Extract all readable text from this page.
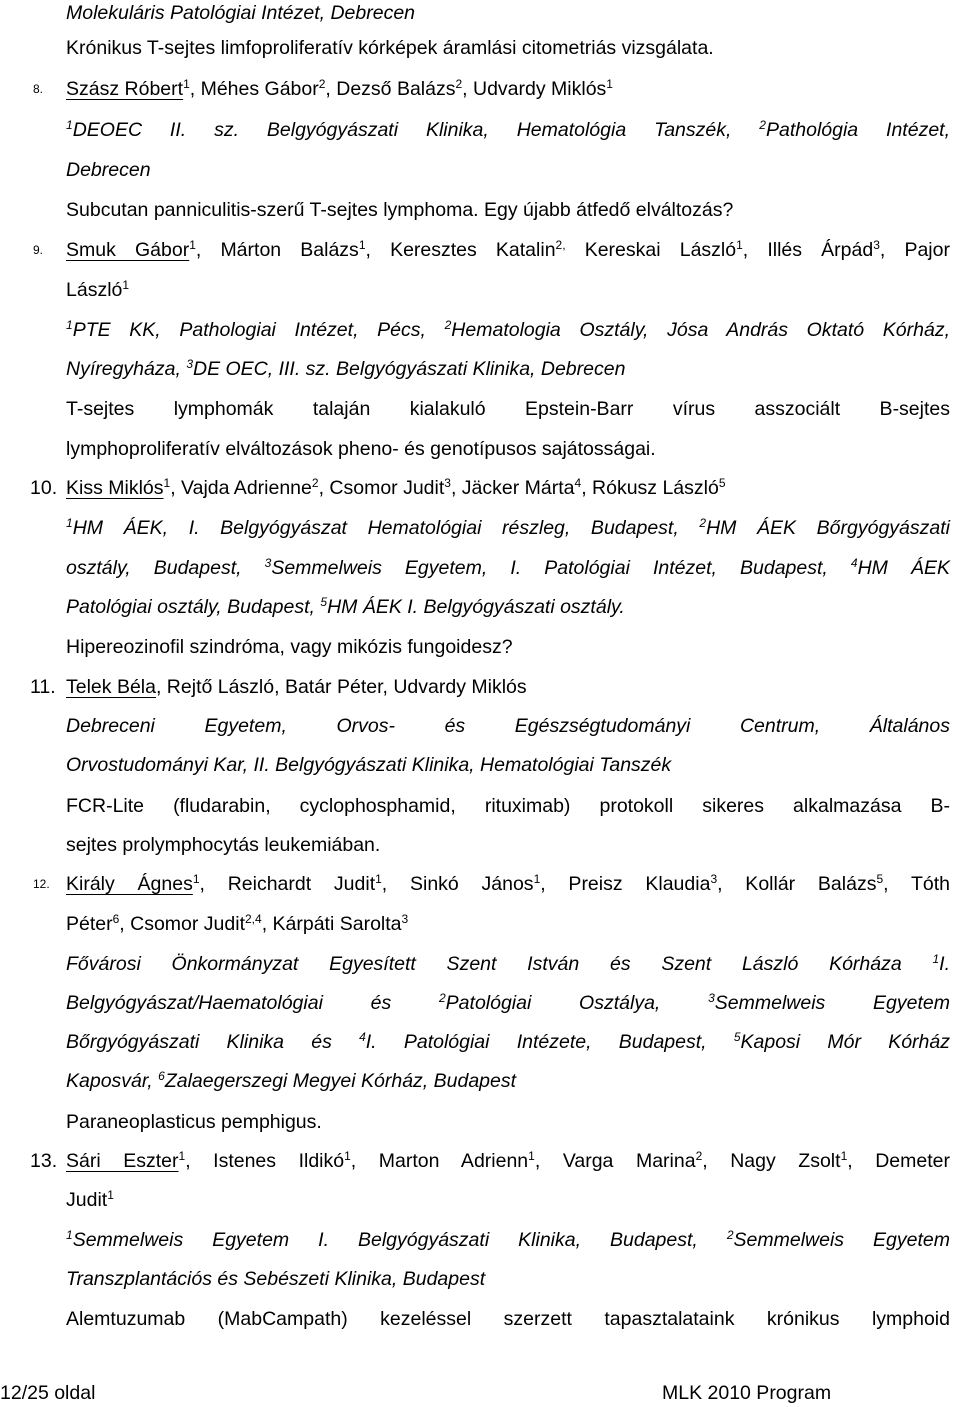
Molekuláris Patológiai Intézet, Debrecen
Krónikus T-sejtes limfoproliferatív kórképek áramlási citometriás vizsgálata.
8. Szász Róbert$^1$, Méhes Gábor$^2$, Dezső Balázs$^2$, Udvardy Miklós$^1$
$^1$DEOEC II. sz. Belgyógyászati Klinika, Hematológia Tanszék, $^2$Pathológia Intézet,
Debrecen
Subcutan panniculitis-szerű T-sejtes lymphoma. Egy újabb átfedő elváltozás?
9. Smuk Gábor$^1$, Márton Balázs$^1$, Keresztes Katalin$^{2,}$ Kereskai László$^1$, Illés Árpád$^3$, Pajor
László$^1$
$^1$PTE KK, Pathologiai Intézet, Pécs, $^2$Hematologia Osztály, Jósa András Oktató Kórház,
Nyíregyháza, $^3$DE OEC, III. sz. Belgyógyászati Klinika, Debrecen
T-sejtes lymphomák talaján kialakuló Epstein-Barr vírus asszociált B-sejtes
lymphoproliferatív elváltozások pheno- és genotípusos sajátosságai.
10. Kiss Miklós$^1$, Vajda Adrienne$^2$, Csomor Judit$^3$, Jäcker Márta$^4$, Rókusz László$^5$
$^1$HM ÁEK, I. Belgyógyászat Hematológiai részleg, Budapest, $^2$HM ÁEK Bőrgyógyászati
osztály, Budapest, $^3$Semmelweis Egyetem, I. Patológiai Intézet, Budapest, $^4$HM ÁEK
Patológiai osztály, Budapest, $^5$HM ÁEK I. Belgyógyászati osztály.
Hipereozinofil szindróma, vagy mikózis fungoidesz?
11. Telek Béla, Rejtő László, Batár Péter, Udvardy Miklós
Debreceni Egyetem, Orvos- és Egészségtudományi Centrum, Általános
Orvostudományi Kar, II. Belgyógyászati Klinika, Hematológiai Tanszék
FCR-Lite (fludarabin, cyclophosphamid, rituximab) protokoll sikeres alkalmazása B-
sejtes prolymphocytás leukemiában.
12. Király Ágnes$^1$, Reichardt Judit$^1$, Sinkó János$^1$, Preisz Klaudia$^3$, Kollár Balázs$^5$, Tóth
Péter$^6$, Csomor Judit$^{2,4}$, Kárpáti Sarolta$^3$
Fővárosi Önkormányzat Egyesített Szent István és Szent László Kórháza $^1$I.
Belgyógyászat/Haematológiai és $^2$Patológiai Osztálya, $^3$Semmelweis Egyetem
Bőrgyógyászati Klinika és $^4$I. Patológiai Intézete, Budapest, $^5$Kaposi Mór Kórház
Kaposvár, $^6$Zalaegerszegi Megyei Kórház, Budapest
Paraneoplasticus pemphigus.
13. Sári Eszter$^1$, Istenes Ildikó$^1$, Marton Adrienn$^1$, Varga Marina$^2$, Nagy Zsolt$^1$, Demeter
Judit$^1$
$^1$Semmelweis Egyetem I. Belgyógyászati Klinika, Budapest, $^2$Semmelweis Egyetem
Transzplantációs és Sebészeti Klinika, Budapest
Alemtuzumab (MabCampath) kezeléssel szerzett tapasztalataink krónikus lymphoid
12/25 oldal	MLK 2010 Program
